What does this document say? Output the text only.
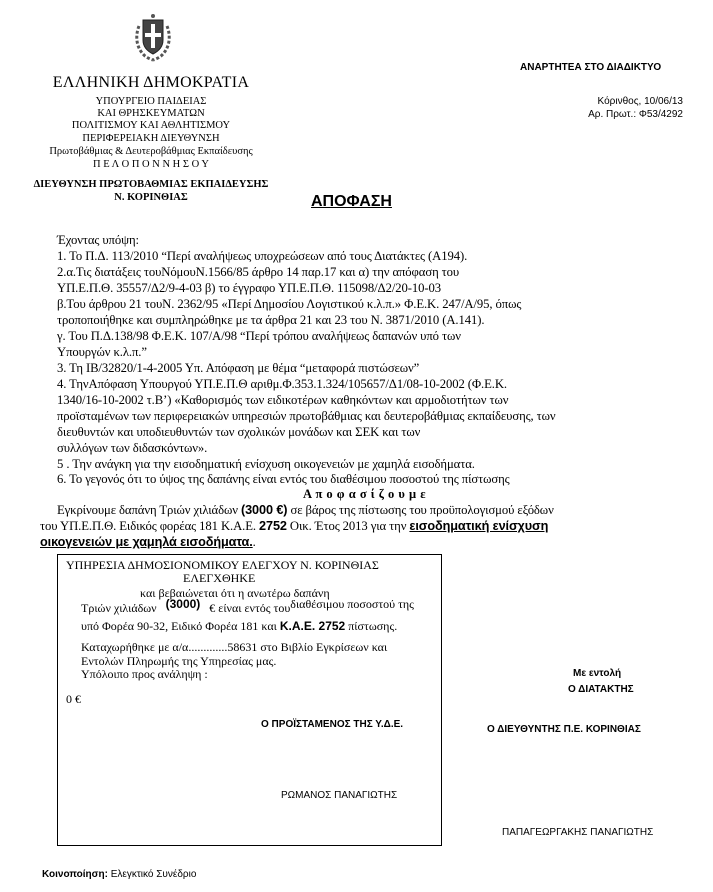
ΕΛΛΗΝΙΚΗ ΔΗΜΟΚΡΑΤΙΑ
ΥΠΟΥΡΓΕΙΟ ΠΑΙΔΕΙΑΣ
ΚΑΙ ΘΡΗΣΚΕΥΜΑΤΩΝ
ΠΟΛΙΤΙΣΜΟΥ ΚΑΙ ΑΘΛΗΤΙΣΜΟΥ
ΠΕΡΙΦΕΡΕΙΑΚΗ ΔΙΕΥΘΥΝΣΗ
Πρωτοβάθμιας & Δευτεροβάθμιας Εκπαίδευσης
Π Ε Λ Ο Π Ο Ν Ν Η Σ Ο Υ
ΔΙΕΥΘΥΝΣΗ ΠΡΩΤΟΒΑΘΜΙΑΣ ΕΚΠΑΙΔΕΥΣΗΣ
Ν. ΚΟΡΙΝΘΙΑΣ
ΑΝΑΡΤΗΤΕΑ ΣΤΟ ΔΙΑΔΙΚΤΥΟ
Κόρινθος, 10/06/13
Αρ. Πρωτ.: Φ53/4292
ΑΠΟΦΑΣΗ
Έχοντας υπόψη:
1. Το Π.Δ. 113/2010 “Περί αναλήψεως υποχρεώσεων από τους Διατάκτες (Α194).
2.α.Τις διατάξεις τουΝόμουΝ.1566/85 άρθρο 14 παρ.17 και α) την απόφαση του
ΥΠ.Ε.Π.Θ. 35557/Δ2/9-4-03 β) το έγγραφο ΥΠ.Ε.Π.Θ. 115098/Δ2/20-10-03
β.Του άρθρου 21 τουΝ. 2362/95 «Περί Δημοσίου Λογιστικού κ.λ.π.» Φ.Ε.Κ. 247/Α/95, όπως
τροποποιήθηκε και συμπληρώθηκε με τα άρθρα 21 και 23 του Ν. 3871/2010 (Α.141).
γ. Του Π.Δ.138/98 Φ.Ε.Κ. 107/Α/98 “Περί τρόπου αναλήψεως δαπανών υπό των
Υπουργών κ.λ.π.”
3. Τη ΙΒ/32820/1-4-2005 Υπ. Απόφαση με θέμα “μεταφορά πιστώσεων”
4. ΤηνΑπόφαση Υπουργού ΥΠ.Ε.Π.Θ αριθμ.Φ.353.1.324/105657/Δ1/08-10-2002 (Φ.Ε.Κ.
1340/16-10-2002 τ.Β’) «Καθορισμός των ειδικοτέρων καθηκόντων και αρμοδιοτήτων των
προϊσταμένων των περιφερειακών υπηρεσιών πρωτοβάθμιας και δευτεροβάθμιας εκπαίδευσης, των
διευθυντών και υποδιευθυντών των σχολικών μονάδων και ΣΕΚ και των
συλλόγων των διδασκόντων».
5 . Την ανάγκη για την εισοδηματική ενίσχυση οικογενειών με χαμηλά εισοδήματα.
6. Το γεγονός ότι το ύψος της δαπάνης είναι εντός του διαθέσιμου ποσοστού της πίστωσης
Α π ο φ α σ ί ζ ο υ μ ε
Εγκρίνουμε δαπάνη Τριών χιλιάδων (3000 €) σε βάρος της πίστωσης του προϋπολογισμού εξόδων
του ΥΠ.Ε.Π.Θ. Ειδικός φορέας 181 Κ.Α.Ε. 2752 Οικ. Έτος 2013 για την εισοδηματική ενίσχυση
οικογενειών με χαμηλά εισοδήματα..
ΥΠΗΡΕΣΙΑ ΔΗΜΟΣΙΟΝΟΜΙΚΟΥ ΕΛΕΓΧΟΥ Ν. ΚΟΡΙΝΘΙΑΣ
ΕΛΕΓΧΘΗΚΕ
και βεβαιώνεται ότι η ανωτέρω δαπάνη
Τριών χιλιάδων (3000) € είναι εντός τουδιαθέσιμου ποσοστού της
υπό Φορέα 90-32, Ειδικό Φορέα 181 και Κ.Α.Ε. 2752 πίστωσης.
Καταχωρήθηκε με α/α.............58631 στο Βιβλίο Εγκρίσεων και
Εντολών Πληρωμής της Υπηρεσίας μας.
Υπόλοιπο προς ανάληψη :
0 €
Ο ΠΡΟΪΣΤΑΜΕΝΟΣ ΤΗΣ Υ.Δ.Ε.
ΡΩΜΑΝΟΣ ΠΑΝΑΓΙΩΤΗΣ
Με εντολή
Ο ΔΙΑΤΑΚΤΗΣ
Ο ΔΙΕΥΘΥΝΤΗΣ Π.Ε. ΚΟΡΙΝΘΙΑΣ
ΠΑΠΑΓΕΩΡΓΑΚΗΣ ΠΑΝΑΓΙΩΤΗΣ
Κοινοποίηση: Ελεγκτικό Συνέδριο
